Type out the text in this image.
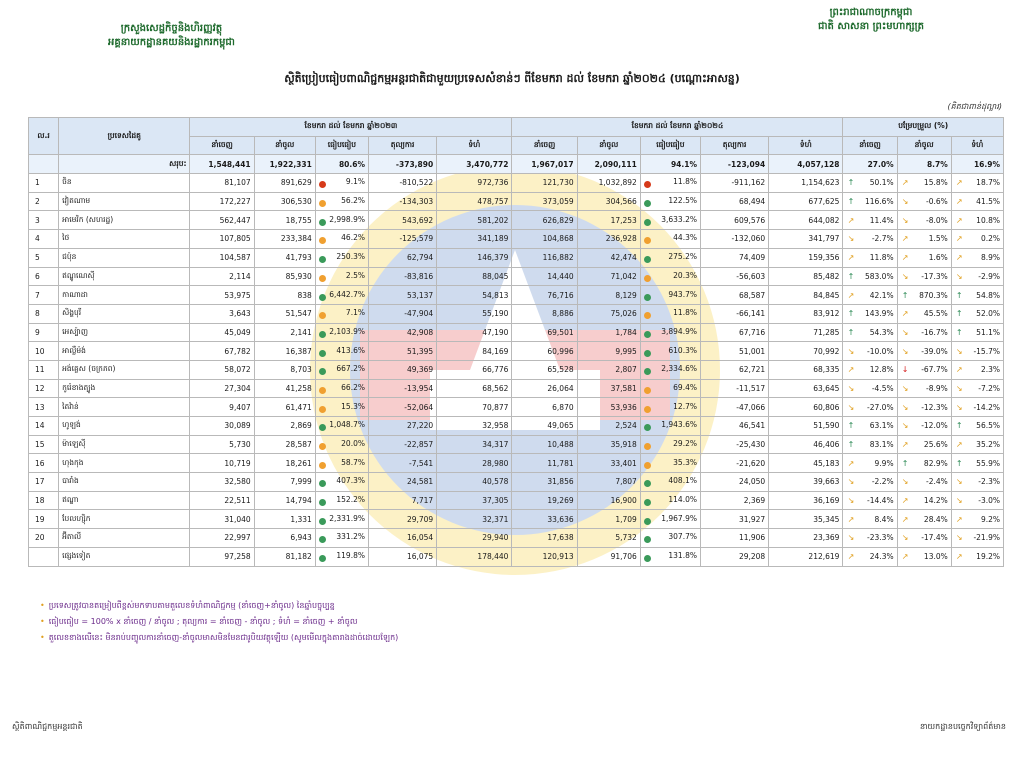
ក្រសួងសេដ្ឋកិច្ចនិងហិរញ្ញវត្ថុ
អគ្គនាយកដ្ឋានគយនិងរដ្ឋាករកម្ពុជា
ព្រះរាជាណាចក្រកម្ពុជា
ជាតិ សាសនា ព្រះមហាក្សត្រ
ស្ថិតិប្រៀបធៀបពាណិជ្ជកម្មអន្តរជាតិជាមួយប្រទេសសំខាន់ៗ ពីខែមករា ដល់ ខែមករា ឆ្នាំ២០២៤ (បណ្ដោះអាសន្ន)
(គិតជាពាន់ដុល្លារ)
ល.រ	ប្រទេសដៃគូ	ខែមករា ដល់ ខែមករា ឆ្នាំ២០២៣					ខែមករា ដល់ ខែមករា ឆ្នាំ២០២៤					បម្រែបម្រួល (%)		
		នាំចេញ	នាំចូល	ធៀបធៀប	តុល្យការ	ទំហំ	នាំចេញ	នាំចូល	ធៀបធៀប	តុល្យការ	ទំហំ	នាំចេញ	នាំចូល	ទំហំ
	សរុប:	1,548,441	1,922,331	80.6%	-373,890	3,470,772	1,967,017	2,090,111	94.1%	-123,094	4,057,128	27.0%	8.7%	16.9%
1	ចិន	81,107	891,629	9.1%	-810,522	972,736	121,730	1,032,892	11.8%	-911,162	1,154,623	↑ 50.1%	↗ 15.8%	↗ 18.7%
2	វៀតណាម	172,227	306,530	56.2%	-134,303	478,757	373,059	304,566	122.5%	68,494	677,625	↑ 116.6%	↘ -0.6%	↗ 41.5%
3	អាមេរិក (សហរដ្ឋ)	562,447	18,755	2,998.9%	543,692	581,202	626,829	17,253	3,633.2%	609,576	644,082	↗ 11.4%	↘ -8.0%	↗ 10.8%
4	ថៃ	107,805	233,384	46.2%	-125,579	341,189	104,868	236,928	44.3%	-132,060	341,797	↘ -2.7%	↗ 1.5%	↗ 0.2%
5	ជប៉ុន	104,587	41,793	250.3%	62,794	146,379	116,882	42,474	275.2%	74,409	159,356	↗ 11.8%	↗ 1.6%	↗ 8.9%
6	ឥណ្ឌូណេស៊ី	2,114	85,930	2.5%	-83,816	88,045	14,440	71,042	20.3%	-56,603	85,482	↑ 583.0%	↘ -17.3%	↘ -2.9%
7	កាណាដា	53,975	838	6,442.7%	53,137	54,813	76,716	8,129	943.7%	68,587	84,845	↗ 42.1%	↑ 870.3%	↑ 54.8%
8	សិង្ហបុរី	3,643	51,547	7.1%	-47,904	55,190	8,886	75,026	11.8%	-66,141	83,912	↑ 143.9%	↗ 45.5%	↑ 52.0%
9	អេស្ប៉ាញ	45,049	2,141	2,103.9%	42,908	47,190	69,501	1,784	3,894.9%	67,716	71,285	↑ 54.3%	↘ -16.7%	↑ 51.1%
10	អាល្លឺម៉ង់	67,782	16,387	413.6%	51,395	84,169	60,996	9,995	610.3%	51,001	70,992	↘ -10.0%	↘ -39.0%	↘ -15.7%
11	អង់គ្លេស (ចក្រភព)	58,072	8,703	667.2%	49,369	66,776	65,528	2,807	2,334.6%	62,721	68,335	↗ 12.8%	↓ -67.7%	↗ 2.3%
12	កូរ៉េខាងត្បូង	27,304	41,258	66.2%	-13,954	68,562	26,064	37,581	69.4%	-11,517	63,645	↘ -4.5%	↘ -8.9%	↘ -7.2%
13	តៃវ៉ាន់	9,407	61,471	15.3%	-52,064	70,877	6,870	53,936	12.7%	-47,066	60,806	↘ -27.0%	↘ -12.3%	↘ -14.2%
14	ហូឡង់	30,089	2,869	1,048.7%	27,220	32,958	49,065	2,524	1,943.6%	46,541	51,590	↑ 63.1%	↘ -12.0%	↑ 56.5%
15	ម៉ាឡេស៊ី	5,730	28,587	20.0%	-22,857	34,317	10,488	35,918	29.2%	-25,430	46,406	↑ 83.1%	↗ 25.6%	↗ 35.2%
16	ហុងកុង	10,719	18,261	58.7%	-7,541	28,980	11,781	33,401	35.3%	-21,620	45,183	↗ 9.9%	↑ 82.9%	↑ 55.9%
17	បារាំង	32,580	7,999	407.3%	24,581	40,578	31,856	7,807	408.1%	24,050	39,663	↘ -2.2%	↘ -2.4%	↘ -2.3%
18	ឥណ្ឌា	22,511	14,794	152.2%	7,717	37,305	19,269	16,900	114.0%	2,369	36,169	↘ -14.4%	↗ 14.2%	↘ -3.0%
19	បែលហ្ស៊ិក	31,040	1,331	2,331.9%	29,709	32,371	33,636	1,709	1,967.9%	31,927	35,345	↗ 8.4%	↗ 28.4%	↗ 9.2%
20	អ៊ីតាលី	22,997	6,943	331.2%	16,054	29,940	17,638	5,732	307.7%	11,906	23,369	↘ -23.3%	↘ -17.4%	↘ -21.9%
	ផ្សេងទៀត	97,258	81,182	119.8%	16,075	178,440	120,913	91,706	131.8%	29,208	212,619	↗ 24.3%	↗ 13.0%	↗ 19.2%
• ប្រទេសត្រូវបានតម្រៀបពីខ្ពស់មកទាបតាមតួលេខទំហំពាណិជ្ជកម្ម (នាំចេញ+នាំចូល) នៃឆ្នាំបច្ចុប្បន្ន
• ធៀបធៀប = 100% x នាំចេញ / នាំចូល ; តុល្យការ = នាំចេញ - នាំចូល ; ទំហំ = នាំចេញ + នាំចូល
• តួលេខខាងលើនេះ មិនរាប់បញ្ចូលការនាំចេញ-នាំចូលមាសមិនមែនជារូបិយវត្ថុឡើយ (សូមមើលក្នុងតារាងដាច់ដោយឡែក)
ស្ថិតិពាណិជ្ជកម្មអន្តរជាតិ	នាយកដ្ឋានបច្ចេកវិទ្យាព័ត៌មាន
